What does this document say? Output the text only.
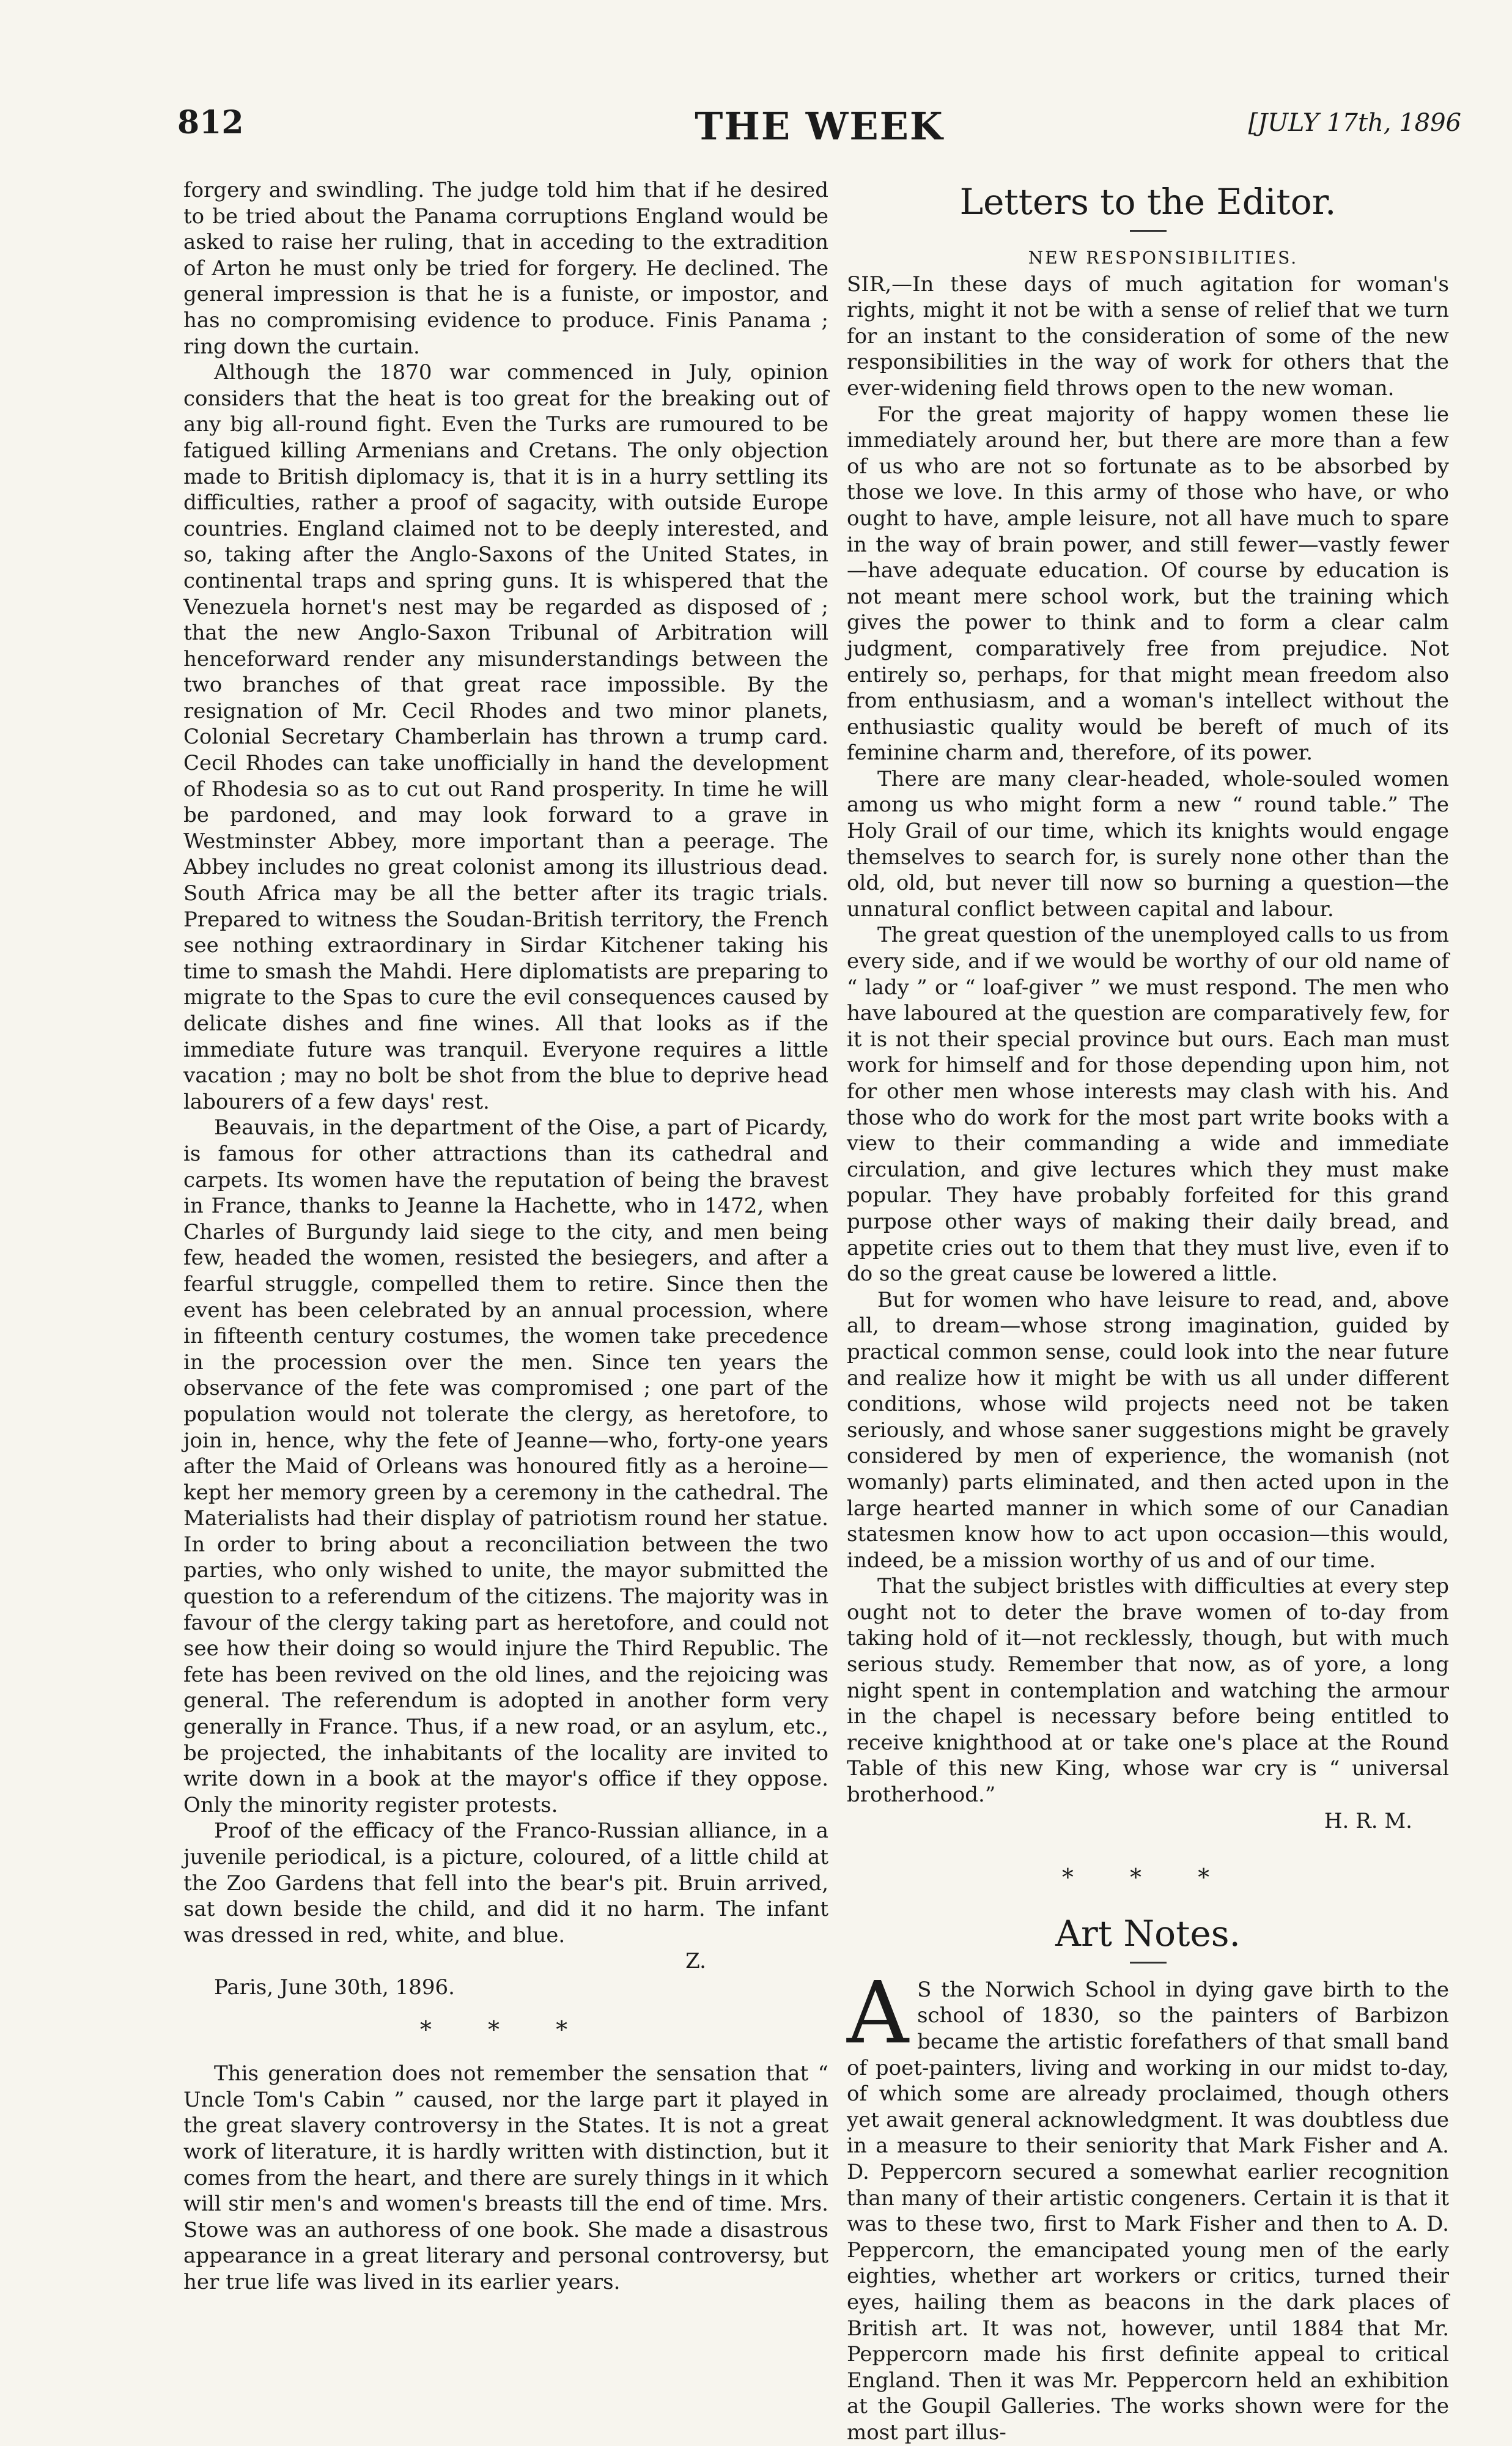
812	THE WEEK	[JULY 17th, 1896

forgery and swindling. The judge told him that if he desired to be tried about the Panama corruptions England would be asked to raise her ruling, that in acceding to the extradition of Arton he must only be tried for forgery. He declined. The general impression is that he is a funiste, or impostor, and has no compromising evidence to produce. Finis Panama ; ring down the curtain.

Although the 1870 war commenced in July, opinion considers that the heat is too great for the breaking out of any big all-round fight. Even the Turks are rumoured to be fatigued killing Armenians and Cretans. The only objection made to British diplomacy is, that it is in a hurry settling its difficulties, rather a proof of sagacity, with outside Europe countries. England claimed not to be deeply interested, and so, taking after the Anglo-Saxons of the United States, in continental traps and spring guns. It is whispered that the Venezuela hornet's nest may be regarded as disposed of ; that the new Anglo-Saxon Tribunal of Arbitration will henceforward render any misunderstandings between the two branches of that great race impossible. By the resignation of Mr. Cecil Rhodes and two minor planets, Colonial Secretary Chamberlain has thrown a trump card. Cecil Rhodes can take unofficially in hand the development of Rhodesia so as to cut out Rand prosperity. In time he will be pardoned, and may look forward to a grave in Westminster Abbey, more important than a peerage. The Abbey includes no great colonist among its illustrious dead. South Africa may be all the better after its tragic trials. Prepared to witness the Soudan-British territory, the French see nothing extraordinary in Sirdar Kitchener taking his time to smash the Mahdi. Here diplomatists are preparing to migrate to the Spas to cure the evil consequences caused by delicate dishes and fine wines. All that looks as if the immediate future was tranquil. Everyone requires a little vacation ; may no bolt be shot from the blue to deprive head labourers of a few days' rest.

Beauvais, in the department of the Oise, a part of Picardy, is famous for other attractions than its cathedral and carpets. Its women have the reputation of being the bravest in France, thanks to Jeanne la Hachette, who in 1472, when Charles of Burgundy laid siege to the city, and men being few, headed the women, resisted the besiegers, and after a fearful struggle, compelled them to retire. Since then the event has been celebrated by an annual procession, where in fifteenth century costumes, the women take precedence in the procession over the men. Since ten years the observance of the fete was compromised ; one part of the population would not tolerate the clergy, as heretofore, to join in, hence, why the fete of Jeanne—who, forty-one years after the Maid of Orleans was honoured fitly as a heroine—kept her memory green by a ceremony in the cathedral. The Materialists had their display of patriotism round her statue. In order to bring about a reconciliation between the two parties, who only wished to unite, the mayor submitted the question to a referendum of the citizens. The majority was in favour of the clergy taking part as heretofore, and could not see how their doing so would injure the Third Republic. The fete has been revived on the old lines, and the rejoicing was general. The referendum is adopted in another form very generally in France. Thus, if a new road, or an asylum, etc., be projected, the inhabitants of the locality are invited to write down in a book at the mayor's office if they oppose. Only the minority register protests.

Proof of the efficacy of the Franco-Russian alliance, in a juvenile periodical, is a picture, coloured, of a little child at the Zoo Gardens that fell into the bear's pit. Bruin arrived, sat down beside the child, and did it no harm. The infant was dressed in red, white, and blue.

Z.

Paris, June 30th, 1896.

* * *

This generation does not remember the sensation that “ Uncle Tom's Cabin ” caused, nor the large part it played in the great slavery controversy in the States. It is not a great work of literature, it is hardly written with distinction, but it comes from the heart, and there are surely things in it which will stir men's and women's breasts till the end of time. Mrs. Stowe was an authoress of one book. She made a disastrous appearance in a great literary and personal controversy, but her true life was lived in its earlier years.

Letters to the Editor.

NEW RESPONSIBILITIES.

SIR,—In these days of much agitation for woman's rights, might it not be with a sense of relief that we turn for an instant to the consideration of some of the new responsibilities in the way of work for others that the ever-widening field throws open to the new woman.

For the great majority of happy women these lie immediately around her, but there are more than a few of us who are not so fortunate as to be absorbed by those we love. In this army of those who have, or who ought to have, ample leisure, not all have much to spare in the way of brain power, and still fewer—vastly fewer—have adequate education. Of course by education is not meant mere school work, but the training which gives the power to think and to form a clear calm judgment, comparatively free from prejudice. Not entirely so, perhaps, for that might mean freedom also from enthusiasm, and a woman's intellect without the enthusiastic quality would be bereft of much of its feminine charm and, therefore, of its power.

There are many clear-headed, whole-souled women among us who might form a new “ round table.” The Holy Grail of our time, which its knights would engage themselves to search for, is surely none other than the old, old, but never till now so burning a question—the unnatural conflict between capital and labour.

The great question of the unemployed calls to us from every side, and if we would be worthy of our old name of “ lady ” or “ loaf-giver ” we must respond. The men who have laboured at the question are comparatively few, for it is not their special province but ours. Each man must work for himself and for those depending upon him, not for other men whose interests may clash with his. And those who do work for the most part write books with a view to their commanding a wide and immediate circulation, and give lectures which they must make popular. They have probably forfeited for this grand purpose other ways of making their daily bread, and appetite cries out to them that they must live, even if to do so the great cause be lowered a little.

But for women who have leisure to read, and, above all, to dream—whose strong imagination, guided by practical common sense, could look into the near future and realize how it might be with us all under different conditions, whose wild projects need not be taken seriously, and whose saner suggestions might be gravely considered by men of experience, the womanish (not womanly) parts eliminated, and then acted upon in the large hearted manner in which some of our Canadian statesmen know how to act upon occasion—this would, indeed, be a mission worthy of us and of our time.

That the subject bristles with difficulties at every step ought not to deter the brave women of to-day from taking hold of it—not recklessly, though, but with much serious study. Remember that now, as of yore, a long night spent in contemplation and watching the armour in the chapel is necessary before being entitled to receive knighthood at or take one's place at the Round Table of this new King, whose war cry is “ universal brotherhood.”

H. R. M.

* * *
Art Notes.

A S the Norwich School in dying gave birth to the school of 1830, so the painters of Barbizon became the artistic forefathers of that small band of poet-painters, living and working in our midst to-day, of which some are already proclaimed, though others yet await general acknowledgment. It was doubtless due in a measure to their seniority that Mark Fisher and A. D. Peppercorn secured a somewhat earlier recognition than many of their artistic congeners. Certain it is that it was to these two, first to Mark Fisher and then to A. D. Peppercorn, the emancipated young men of the early eighties, whether art workers or critics, turned their eyes, hailing them as beacons in the dark places of British art. It was not, however, until 1884 that Mr. Peppercorn made his first definite appeal to critical England. Then it was Mr. Peppercorn held an exhibition at the Goupil Galleries. The works shown were for the most part illus-
